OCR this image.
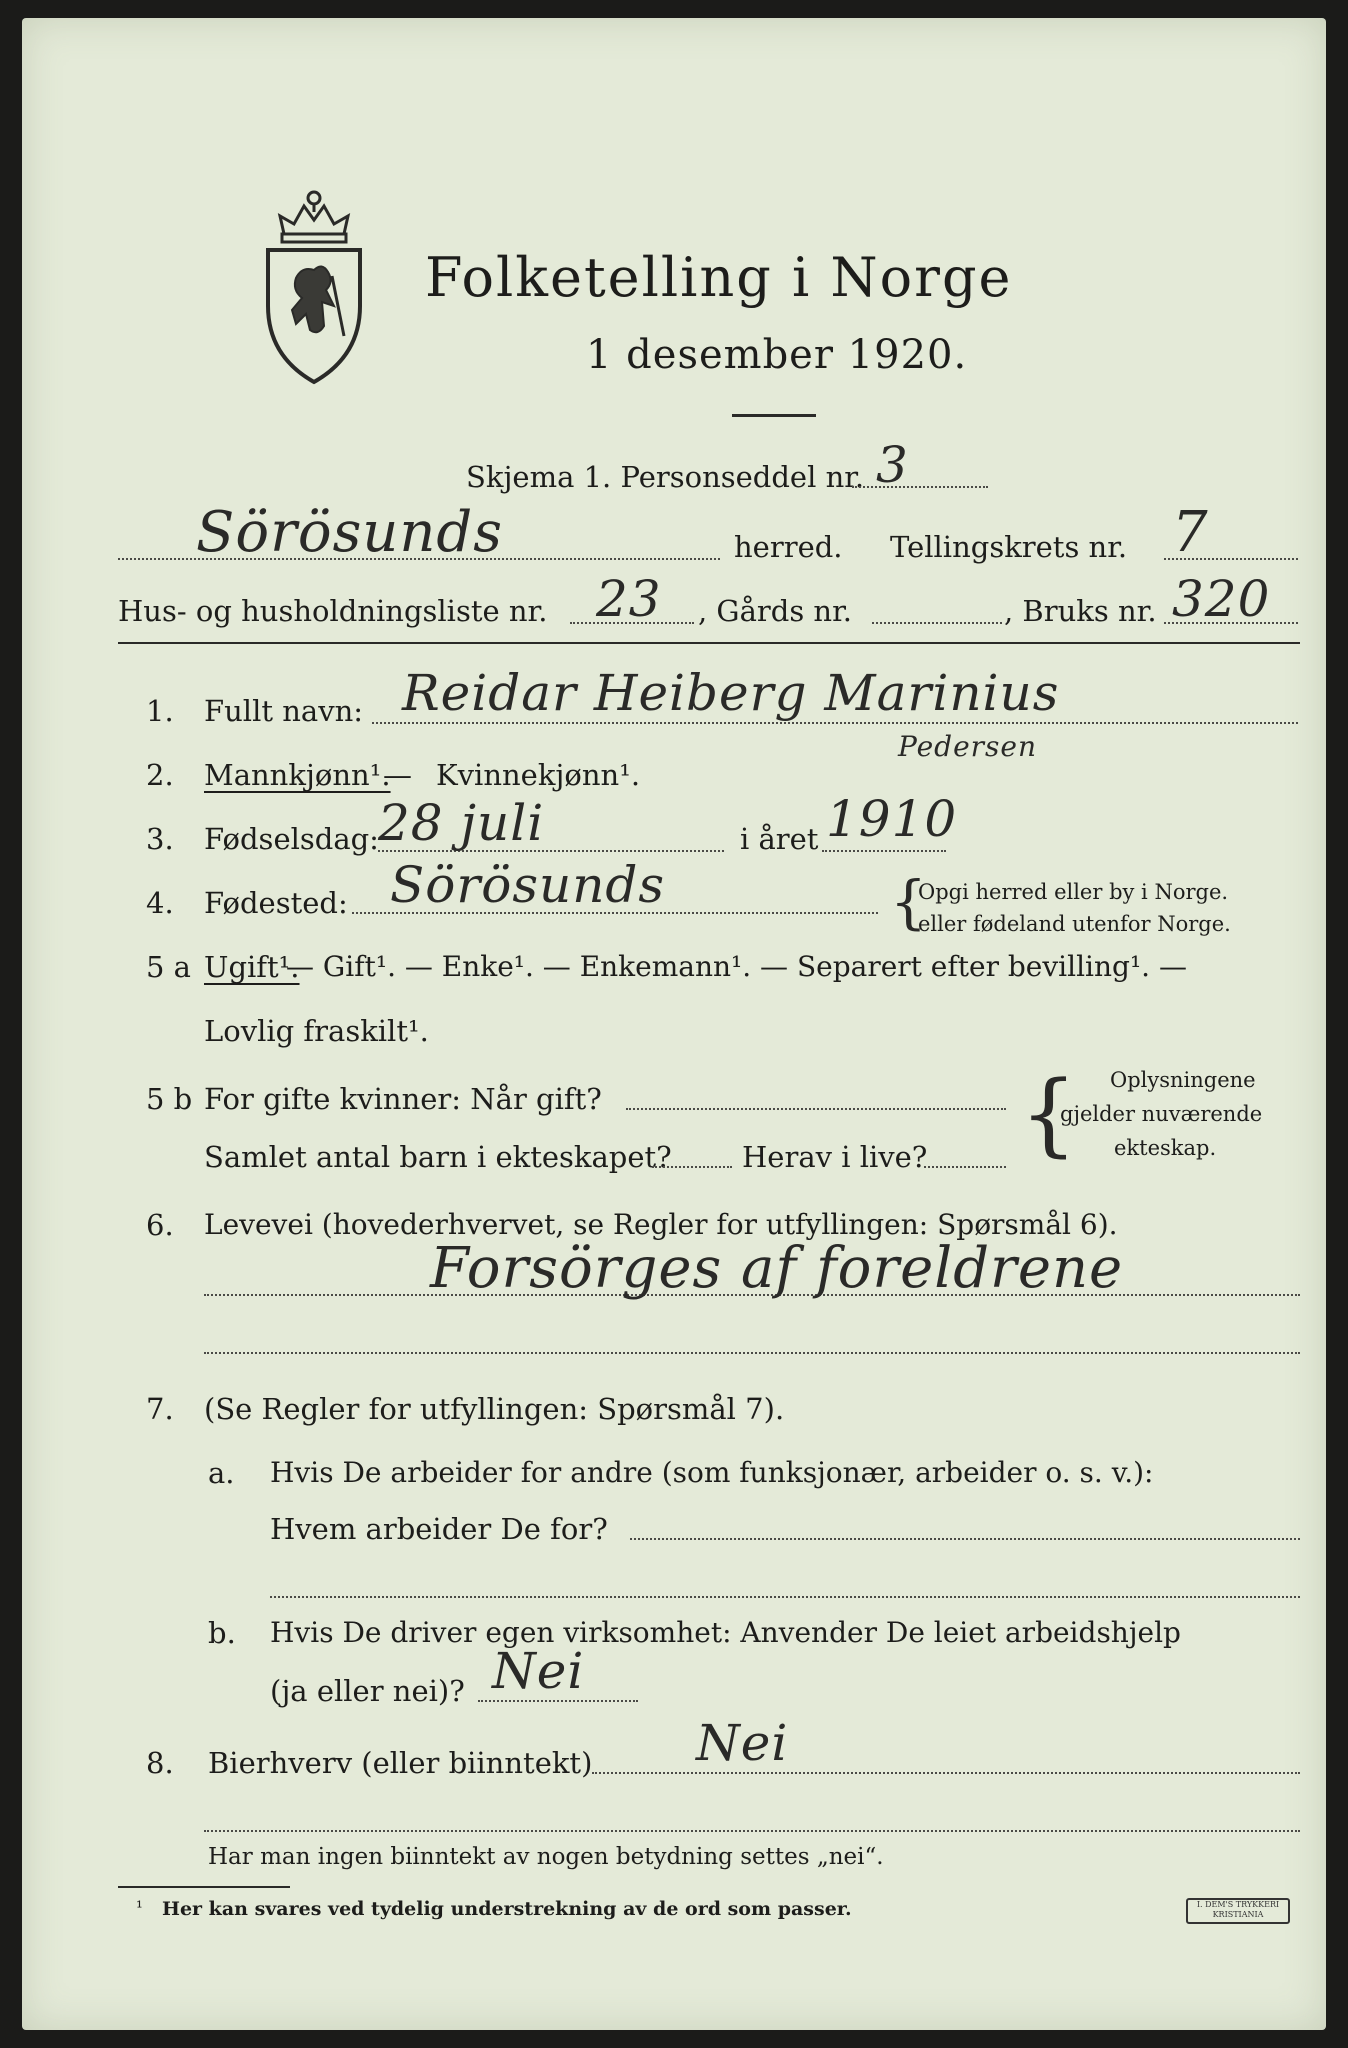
Folketelling i Norge
1 desember 1920.
Skjema 1. Personseddel nr. 3
Sörösunds	herred. Tellingskrets nr. 7
Hus- og husholdningsliste nr. 23 , Gårds nr.	, Bruks nr. 320
1. Fullt navn: Reidar Heiberg Marinius
Pedersen
2. Mannkjønn¹.
— Kvinnekjønn¹.
3. Fødselsdag: 28 juli	i året 1910
4. Fødested: Sörösunds	{
Opgi herred eller by i Norge.
eller fødeland utenfor Norge.
5 a Ugift¹.
— Gift¹. — Enke¹. — Enkemann¹. — Separert efter bevilling¹. —
Lovlig fraskilt¹.
5 b For gifte kvinner: Når gift?
Samlet antal barn i ekteskapet? Herav i live? { Oplysningene
gjelder nuværende
ekteskap.
6. Levevei (hovederhvervet, se Regler for utfyllingen: Spørsmål 6).
Forsörges af foreldrene
7. (Se Regler for utfyllingen: Spørsmål 7).
a. Hvis De arbeider for andre (som funksjonær, arbeider o. s. v.):
Hvem arbeider De for?
b. Hvis De driver egen virksomhet: Anvender De leiet arbeidshjelp
(ja eller nei)? Nei
8. Bierhverv (eller biinntekt) Nei
Har man ingen biinntekt av nogen betydning settes „nei“.
¹ Her kan svares ved tydelig understrekning av de ord som passer.	I. DEM'S TRYKKERI KRISTIANIA
